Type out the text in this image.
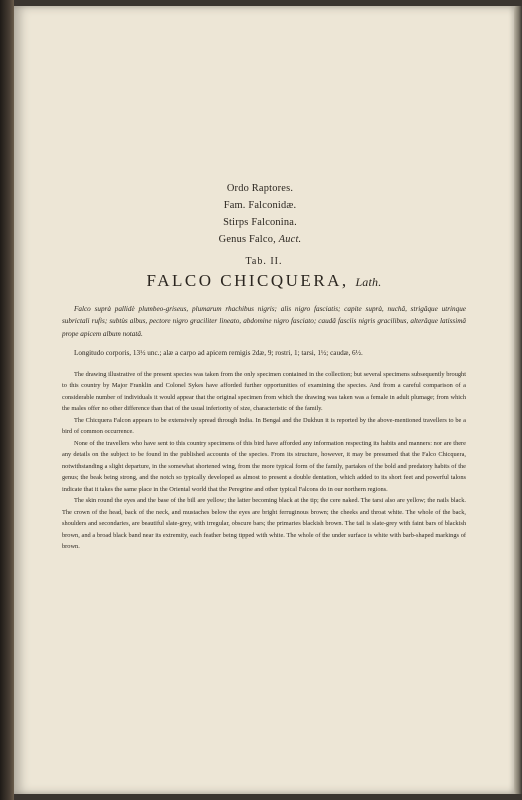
Ordo Raptores.
Fam. Falconidæ.
Stirps Falconina.
Genus Falco, Auct.
Tab. II.
FALCO CHICQUERA, Lath.

Falco suprà pallidè plumbeo-griseus, plumarum rhachibus nigris; alis nigro fasciatis; capite suprà, nuchâ, strigâque utrinque subrictali rufis; subtùs albus, pectore nigro graciliter lineato, abdomine nigro fasciato; caudâ fasciis nigris gracilibus, alterâque latissimâ prope apicem album notatâ.

Longitudo corporis, 13½ unc.; alæ a carpo ad apicem remigis 2dæ, 9; rostri, 1; tarsi, 1½; caudæ, 6½.

The drawing illustrative of the present species was taken from the only specimen contained in the collection; but several specimens subsequently brought to this country by Major Franklin and Colonel Sykes have afforded further opportunities of examining the species. And from a careful comparison of a considerable number of individuals it would appear that the original specimen from which the drawing was taken was a female in adult plumage; from which the males offer no other difference than that of the usual inferiority of size, characteristic of the family.

The Chicquera Falcon appears to be extensively spread through India. In Bengal and the Dukhun it is reported by the above-mentioned travellers to be a bird of common occurrence.

None of the travellers who have sent to this country specimens of this bird have afforded any information respecting its habits and manners: nor are there any details on the subject to be found in the published accounts of the species. From its structure, however, it may be presumed that the Falco Chicquera, notwithstanding a slight departure, in the somewhat shortened wing, from the more typical form of the family, partakes of the bold and predatory habits of the genus; the beak being strong, and the notch so typically developed as almost to present a double dentation, which added to its short feet and powerful talons indicate that it takes the same place in the Oriental world that the Peregrine and other typical Falcons do in our northern regions.

The skin round the eyes and the base of the bill are yellow; the latter becoming black at the tip; the cere naked. The tarsi also are yellow; the nails black. The crown of the head, back of the neck, and mustaches below the eyes are bright ferruginous brown; the cheeks and throat white. The whole of the back, shoulders and secondaries, are beautiful slate-grey, with irregular, obscure bars; the primaries blackish brown. The tail is slate-grey with faint bars of blackish brown, and a broad black band near its extremity, each feather being tipped with white. The whole of the under surface is white with barb-shaped markings of brown.
